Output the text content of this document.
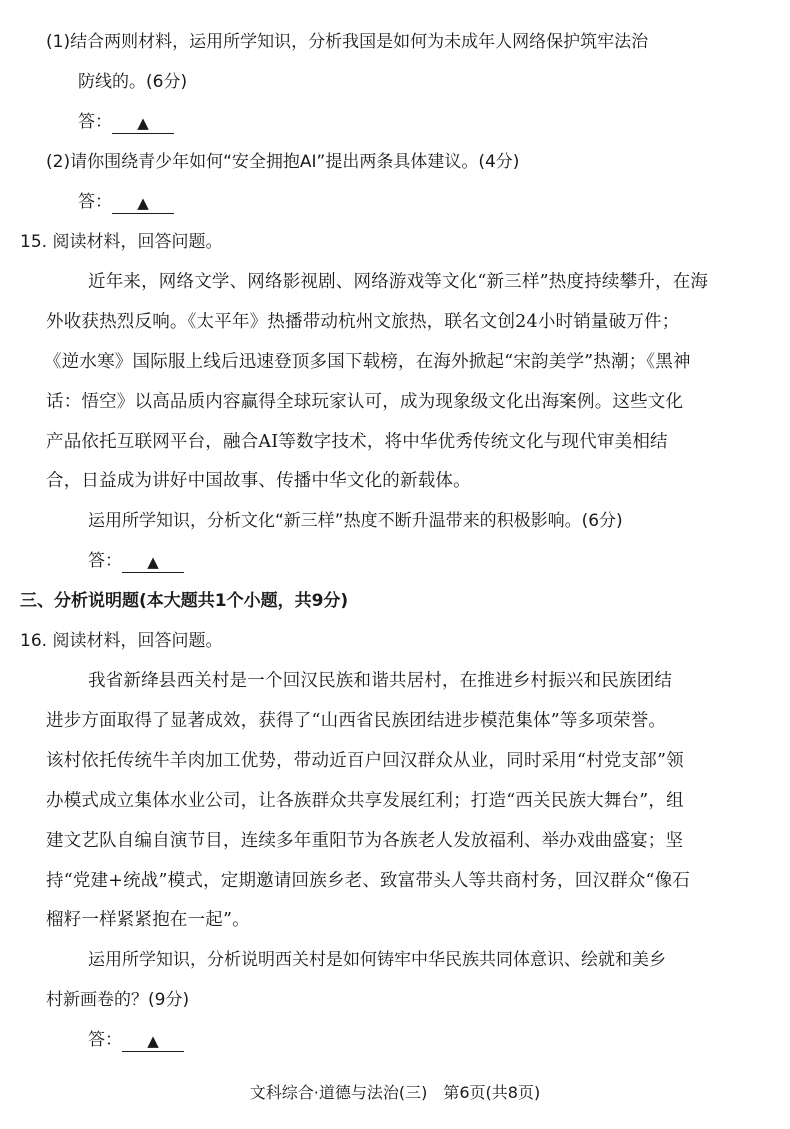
(1)结合两则材料，运用所学知识，分析我国是如何为未成年人网络保护筑牢法治
防线的。(6分)
答： ▲
(2)请你围绕青少年如何“安全拥抱AI”提出两条具体建议。(4分)
答： ▲
15. 阅读材料，回答问题。
近年来，网络文学、网络影视剧、网络游戏等文化“新三样”热度持续攀升，在海
外收获热烈反响。《太平年》热播带动杭州文旅热，联名文创24小时销量破万件；
《逆水寒》国际服上线后迅速登顶多国下载榜，在海外掀起“宋韵美学”热潮；《黑神
话：悟空》以高品质内容赢得全球玩家认可，成为现象级文化出海案例。这些文化
产品依托互联网平台，融合AI等数字技术，将中华优秀传统文化与现代审美相结
合，日益成为讲好中国故事、传播中华文化的新载体。
运用所学知识，分析文化“新三样”热度不断升温带来的积极影响。(6分)
答： ▲
三、分析说明题(本大题共1个小题，共9分)
16. 阅读材料，回答问题。
我省新绛县西关村是一个回汉民族和谐共居村，在推进乡村振兴和民族团结
进步方面取得了显著成效，获得了“山西省民族团结进步模范集体”等多项荣誉。
该村依托传统牛羊肉加工优势，带动近百户回汉群众从业，同时采用“村党支部”领
办模式成立集体水业公司，让各族群众共享发展红利；打造“西关民族大舞台”，组
建文艺队自编自演节目，连续多年重阳节为各族老人发放福利、举办戏曲盛宴；坚
持“党建+统战”模式，定期邀请回族乡老、致富带头人等共商村务，回汉群众“像石
榴籽一样紧紧抱在一起”。
运用所学知识，分析说明西关村是如何铸牢中华民族共同体意识、绘就和美乡
村新画卷的？(9分)
答： ▲
文科综合·道德与法治(三)　第6页(共8页)
